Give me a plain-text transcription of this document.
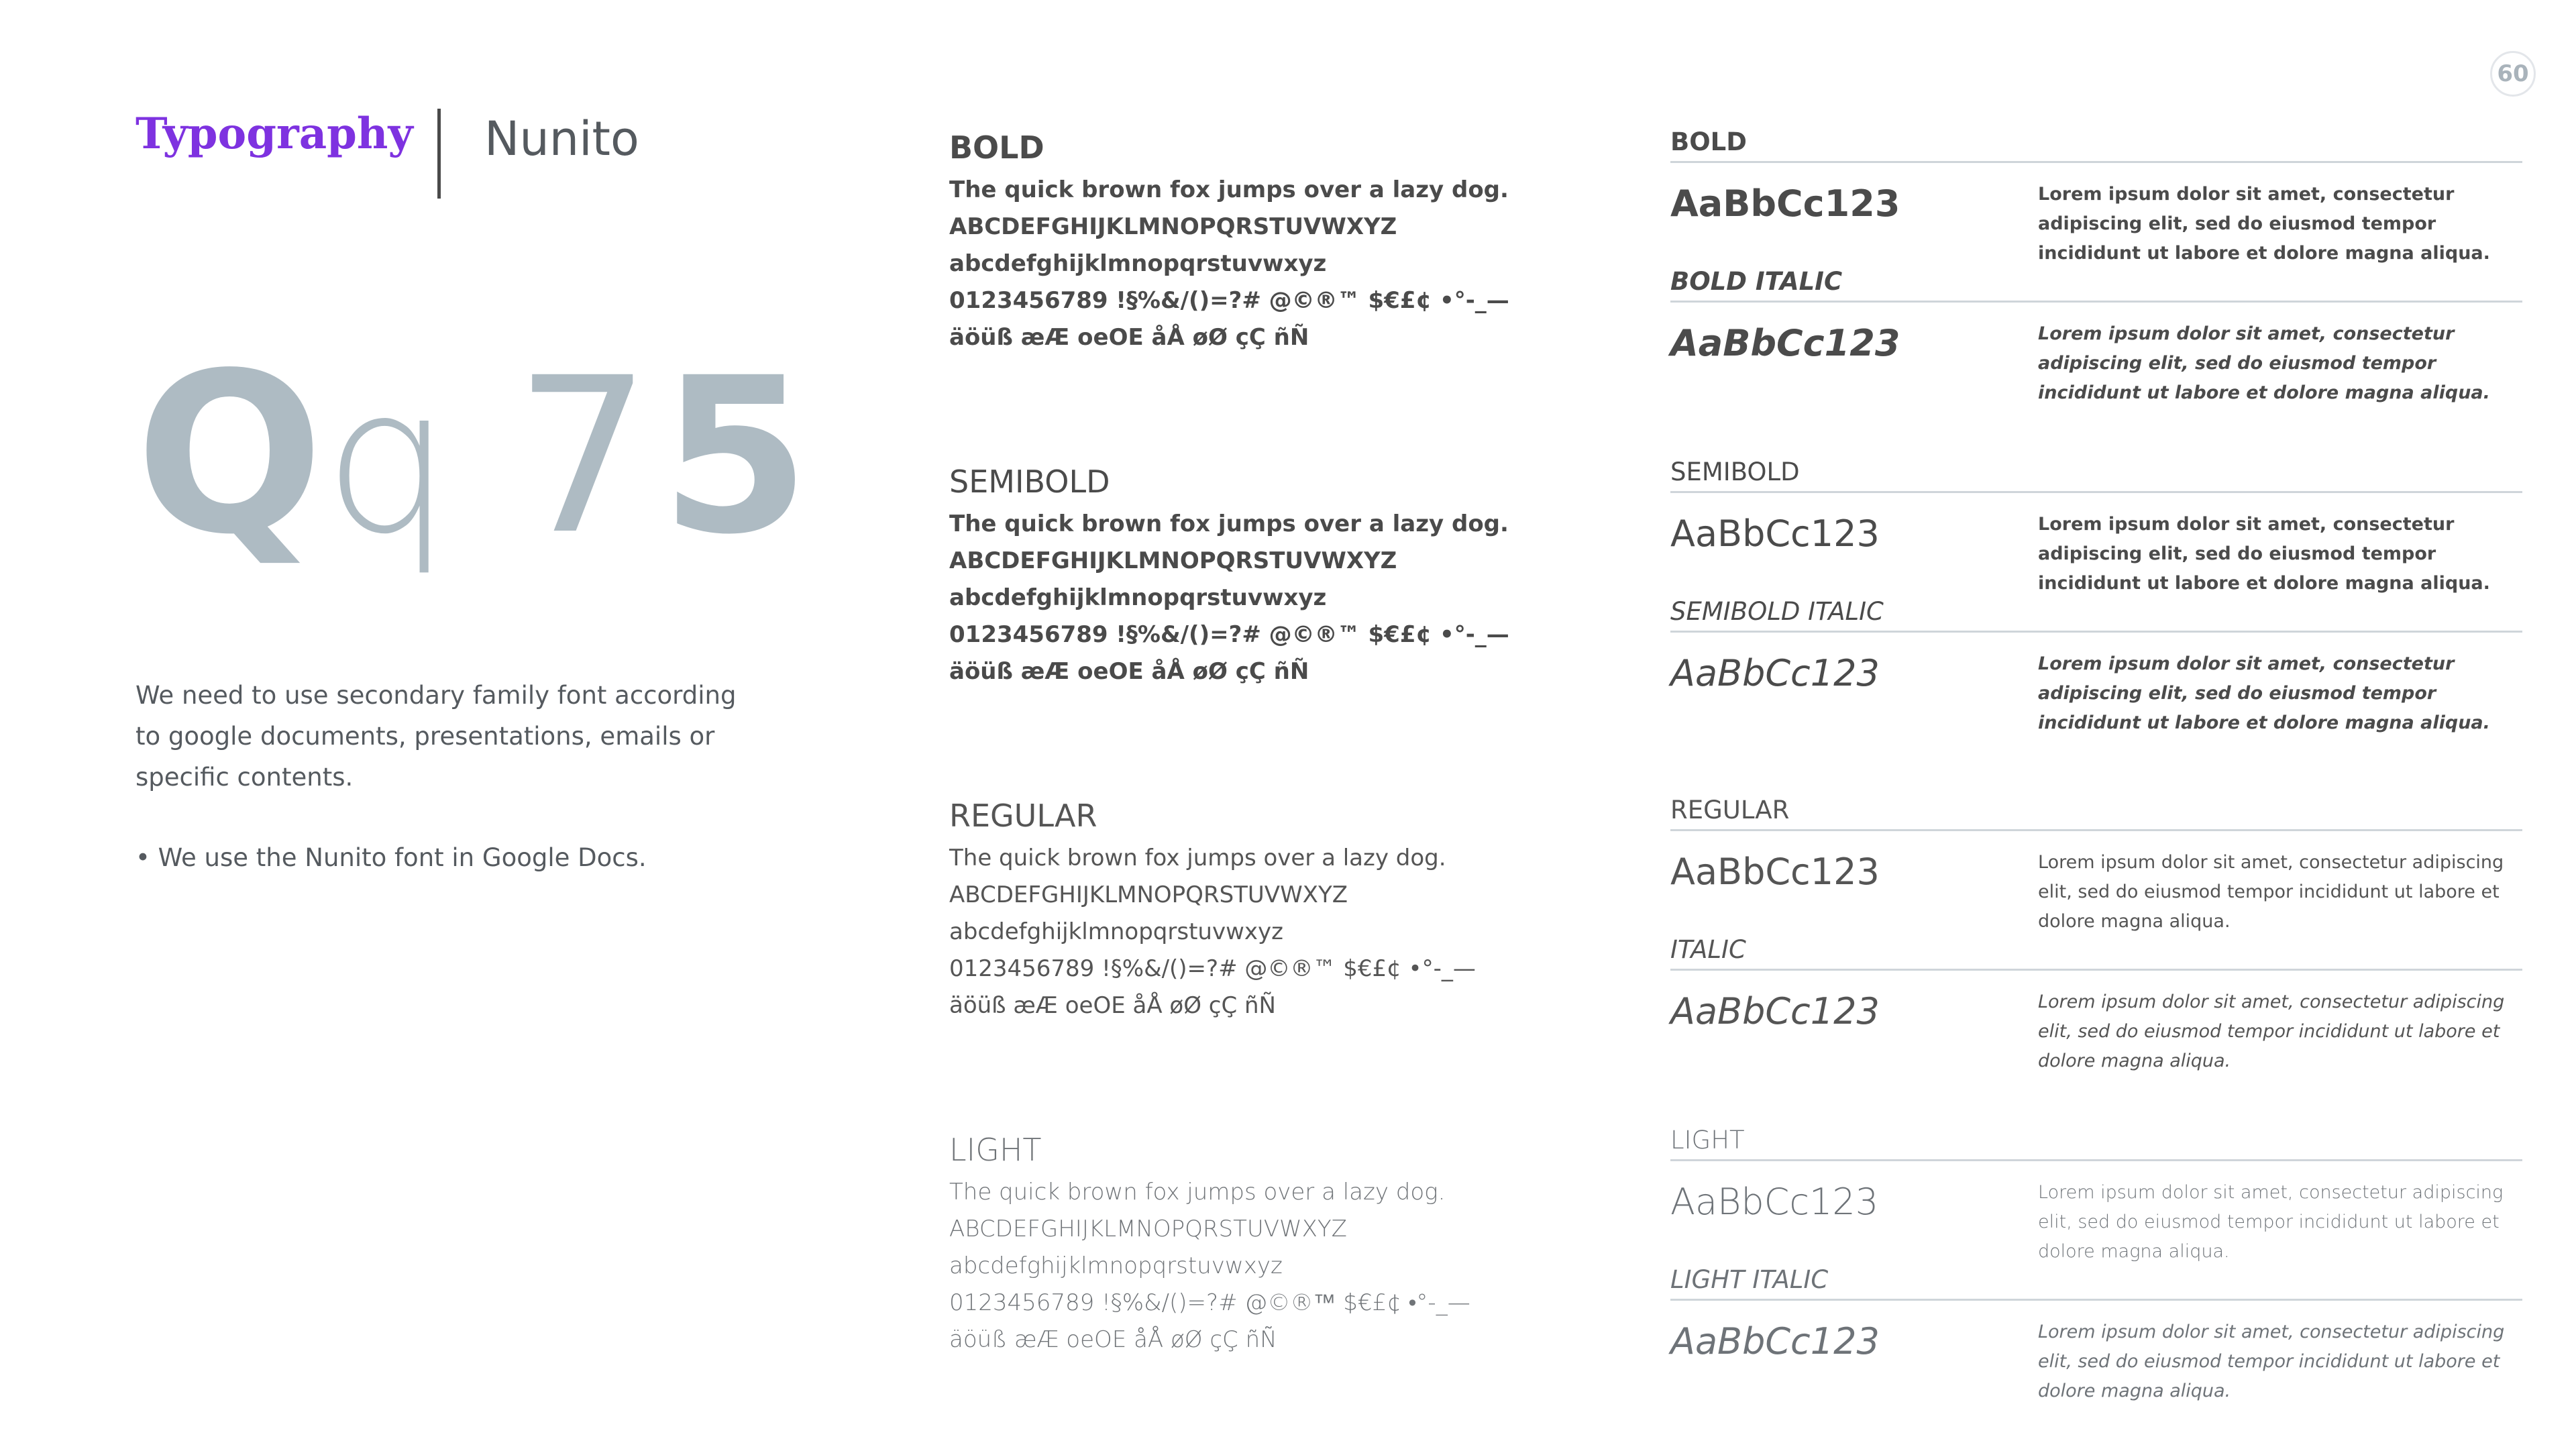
60
Typography Nunito
Q q 7 5
We need to use secondary family font according to google documents, presentations, emails or specific contents.
• We use the Nunito font in Google Docs.
BOLD
The quick brown fox jumps over a lazy dog.
ABCDEFGHIJKLMNOPQRSTUVWXYZ
abcdefghijklmnopqrstuvwxyz
0123456789 !§%&/()=?# @©®™ $€£¢ •°-_—
äöüß æÆ oeOE åÅ øØ çÇ ñÑ
SEMIBOLD
The quick brown fox jumps over a lazy dog.
ABCDEFGHIJKLMNOPQRSTUVWXYZ
abcdefghijklmnopqrstuvwxyz
0123456789 !§%&/()=?# @©®™ $€£¢ •°-_—
äöüß æÆ oeOE åÅ øØ çÇ ñÑ
REGULAR
The quick brown fox jumps over a lazy dog.
ABCDEFGHIJKLMNOPQRSTUVWXYZ
abcdefghijklmnopqrstuvwxyz
0123456789 !§%&/()=?# @©®™ $€£¢ •°-_—
äöüß æÆ oeOE åÅ øØ çÇ ñÑ
LIGHT
The quick brown fox jumps over a lazy dog.
ABCDEFGHIJKLMNOPQRSTUVWXYZ
abcdefghijklmnopqrstuvwxyz
0123456789 !§%&/()=?# @©®™ $€£¢ •°-_—
äöüß æÆ oeOE åÅ øØ çÇ ñÑ
BOLD
AaBbCc123	Lorem ipsum dolor sit amet, consectetur adipiscing elit, sed do eiusmod tempor incididunt ut labore et dolore magna aliqua.
BOLD ITALIC
AaBbCc123	Lorem ipsum dolor sit amet, consectetur adipiscing elit, sed do eiusmod tempor incididunt ut labore et dolore magna aliqua.
SEMIBOLD
AaBbCc123	Lorem ipsum dolor sit amet, consectetur adipiscing elit, sed do eiusmod tempor incididunt ut labore et dolore magna aliqua.
SEMIBOLD ITALIC
AaBbCc123	Lorem ipsum dolor sit amet, consectetur adipiscing elit, sed do eiusmod tempor incididunt ut labore et dolore magna aliqua.
REGULAR
AaBbCc123	Lorem ipsum dolor sit amet, consectetur adipiscing elit, sed do eiusmod tempor incididunt ut labore et dolore magna aliqua.
ITALIC
AaBbCc123	Lorem ipsum dolor sit amet, consectetur adipiscing elit, sed do eiusmod tempor incididunt ut labore et dolore magna aliqua.
LIGHT
AaBbCc123	Lorem ipsum dolor sit amet, consectetur adipiscing elit, sed do eiusmod tempor incididunt ut labore et dolore magna aliqua.
LIGHT ITALIC
AaBbCc123	Lorem ipsum dolor sit amet, consectetur adipiscing elit, sed do eiusmod tempor incididunt ut labore et dolore magna aliqua.
